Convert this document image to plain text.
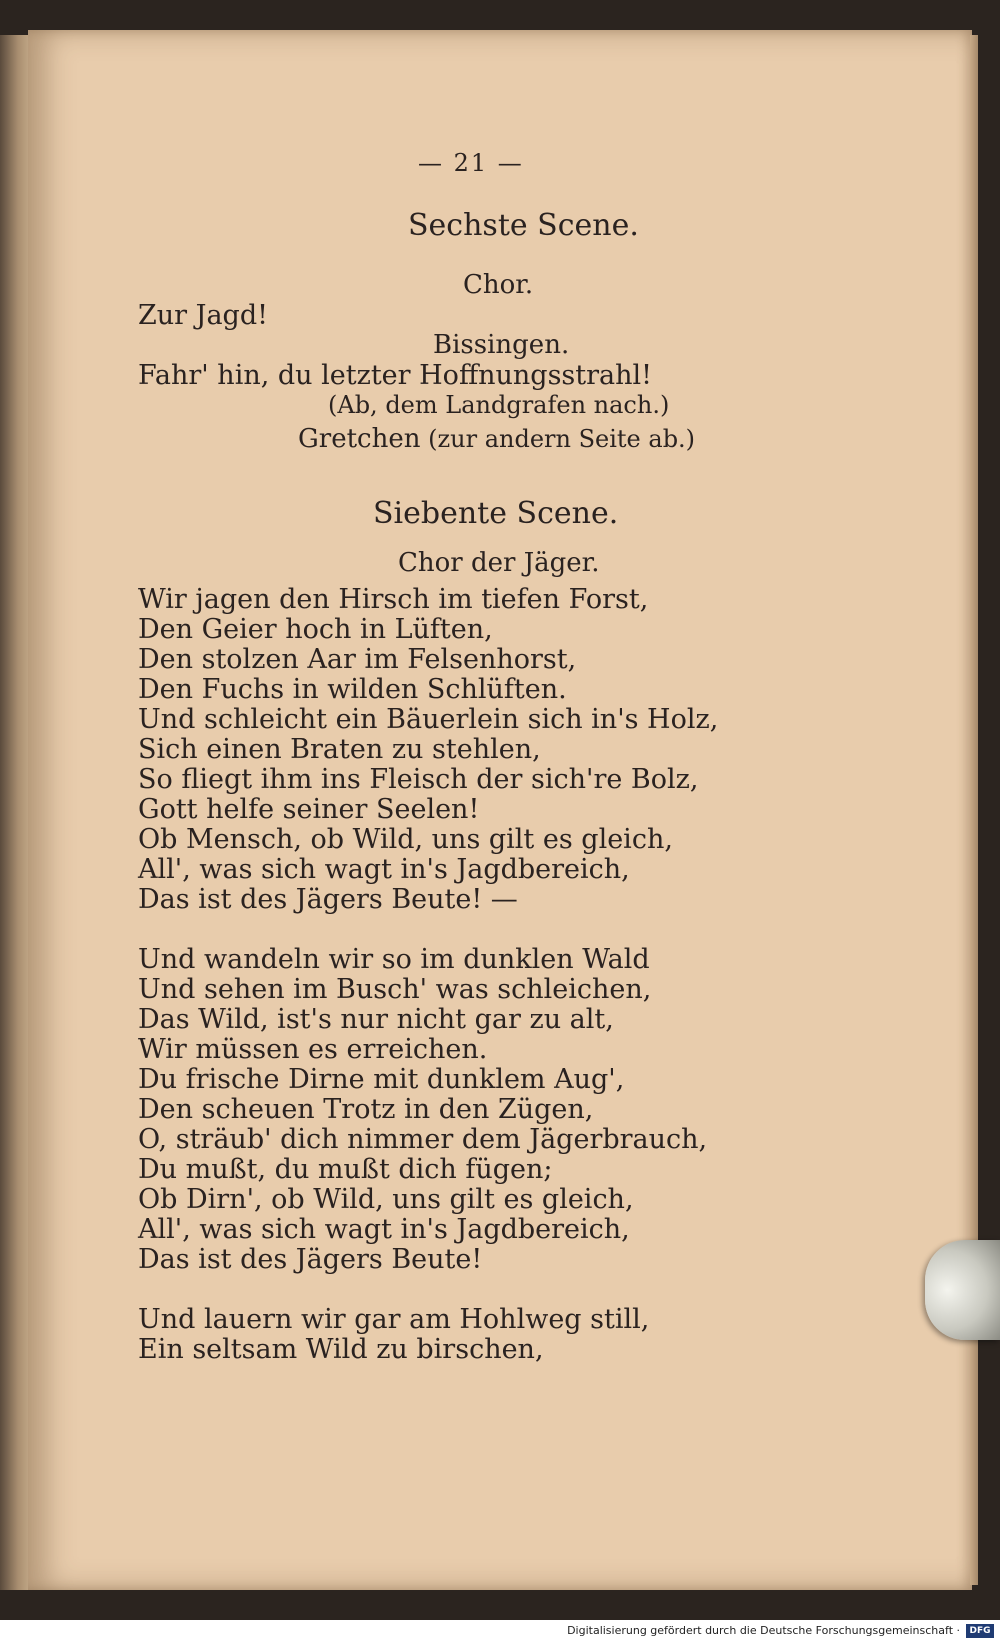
— 21 —
Sechste Scene.
Chor.
Zur Jagd!
Bissingen.
Fahr' hin, du letzter Hoffnungsstrahl!
(Ab, dem Landgrafen nach.)
Gretchen (zur andern Seite ab.)
Siebente Scene.
Chor der Jäger.
Wir jagen den Hirsch im tiefen Forst,
Den Geier hoch in Lüften,
Den stolzen Aar im Felsenhorst,
Den Fuchs in wilden Schlüften.
Und schleicht ein Bäuerlein sich in's Holz,
Sich einen Braten zu stehlen,
So fliegt ihm ins Fleisch der sich're Bolz,
Gott helfe seiner Seelen!
Ob Mensch, ob Wild, uns gilt es gleich,
All', was sich wagt in's Jagdbereich,
Das ist des Jägers Beute! —
Und wandeln wir so im dunklen Wald
Und sehen im Busch' was schleichen,
Das Wild, ist's nur nicht gar zu alt,
Wir müssen es erreichen.
Du frische Dirne mit dunklem Aug',
Den scheuen Trotz in den Zügen,
O, sträub' dich nimmer dem Jägerbrauch,
Du mußt, du mußt dich fügen;
Ob Dirn', ob Wild, uns gilt es gleich,
All', was sich wagt in's Jagdbereich,
Das ist des Jägers Beute!
Und lauern wir gar am Hohlweg still,
Ein seltsam Wild zu birschen,
Digitalisierung gefördert durch die Deutsche Forschungsgemeinschaft ·	DFG
